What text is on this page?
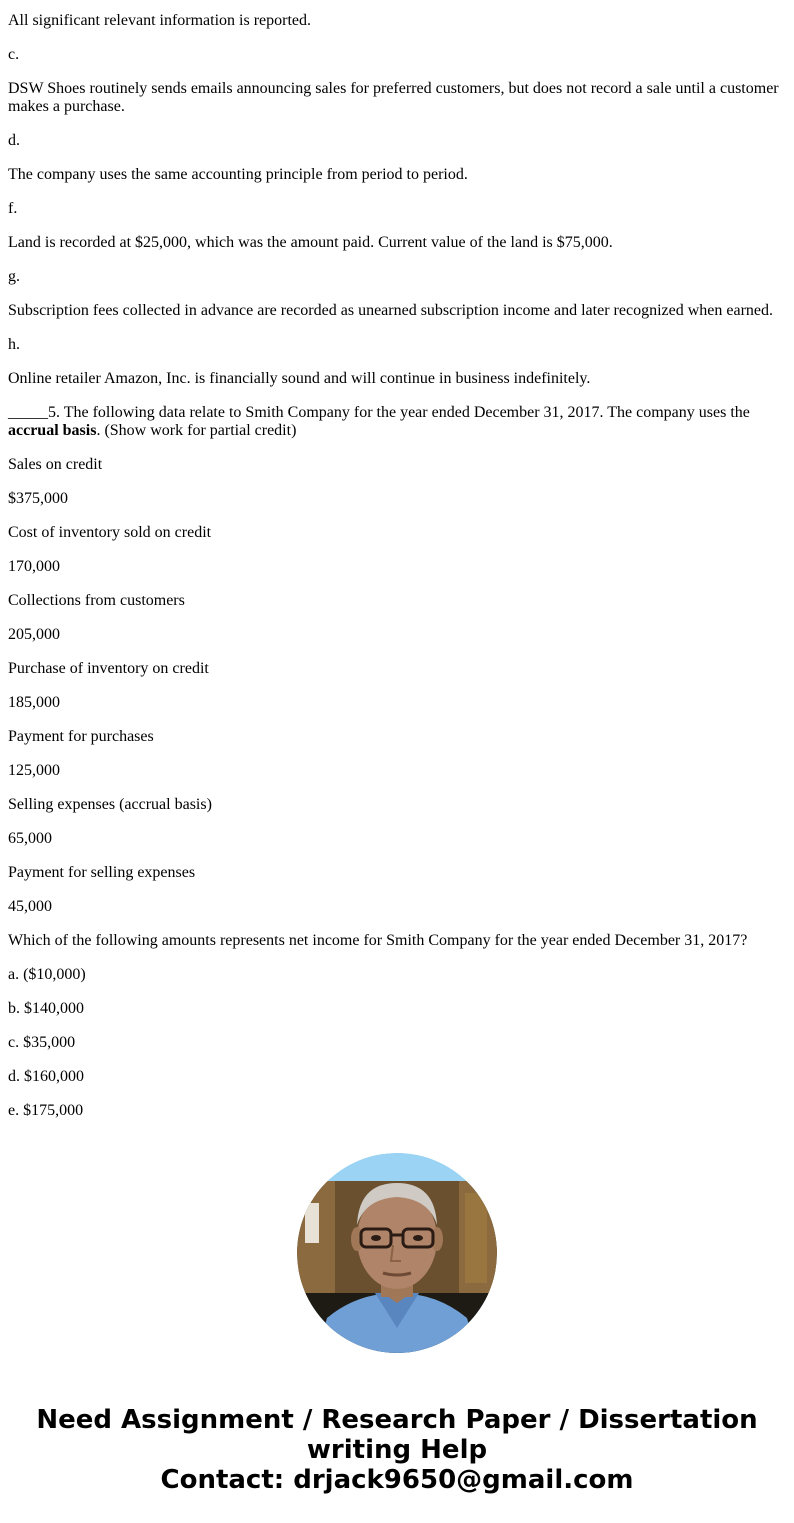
All significant relevant information is reported.

c.

DSW Shoes routinely sends emails announcing sales for preferred customers, but does not record a sale until a customer makes a purchase.

d.

The company uses the same accounting principle from period to period.

f.

Land is recorded at $25,000, which was the amount paid. Current value of the land is $75,000.

g.

Subscription fees collected in advance are recorded as unearned subscription income and later recognized when earned.

h.

Online retailer Amazon, Inc. is financially sound and will continue in business indefinitely.

_____5. The following data relate to Smith Company for the year ended December 31, 2017. The company uses the accrual basis. (Show work for partial credit)

Sales on credit

$375,000

Cost of inventory sold on credit

170,000

Collections from customers

205,000

Purchase of inventory on credit

185,000

Payment for purchases

125,000

Selling expenses (accrual basis)

65,000

Payment for selling expenses

45,000

Which of the following amounts represents net income for Smith Company for the year ended December 31, 2017?

a. ($10,000)

b. $140,000

c. $35,000

d. $160,000

e. $175,000

Need Assignment / Research Paper / Dissertation
writing Help
Contact: drjack9650@gmail.com
